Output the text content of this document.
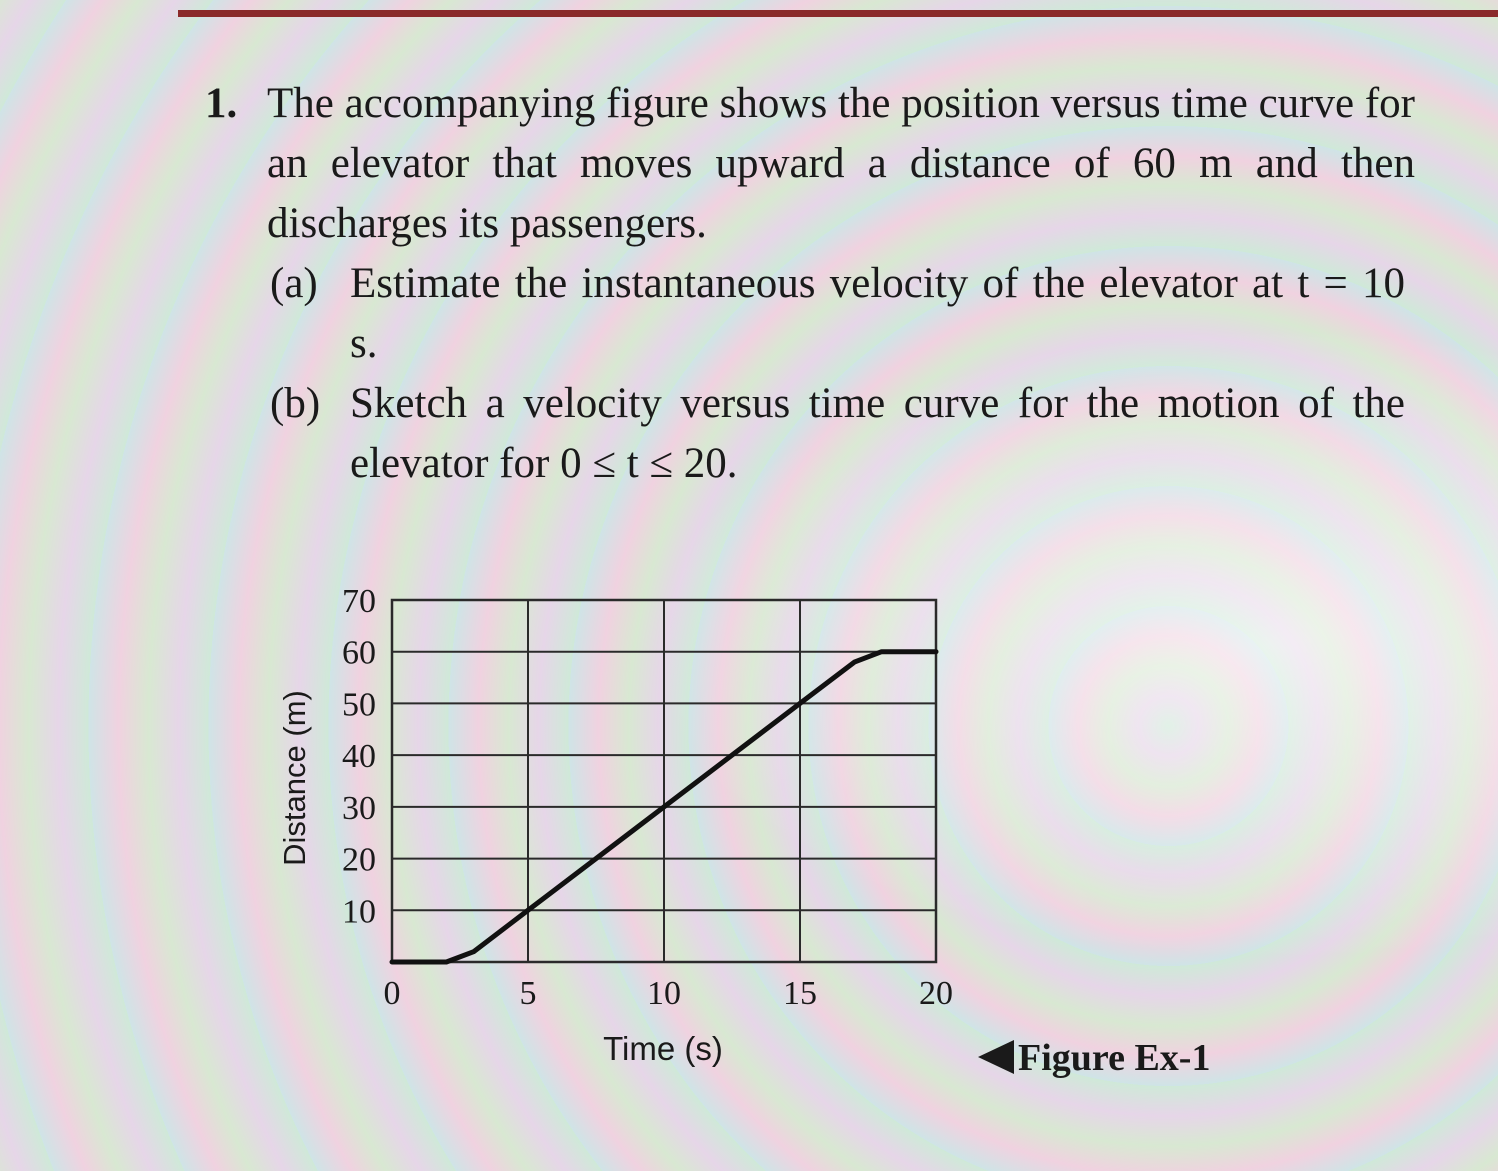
1. The accompanying figure shows the position versus time curve for an elevator that moves upward a distance of 60 m and then discharges its passengers.
(a) Estimate the instantaneous velocity of the elevator at t = 10 s.
(b) Sketch a velocity versus time curve for the motion of the elevator for 0 ≤ t ≤ 20.
0	5	10	15	20
10
20
30
40
50
60
70
Distance (m)
Time (s)	Figure Ex-1
